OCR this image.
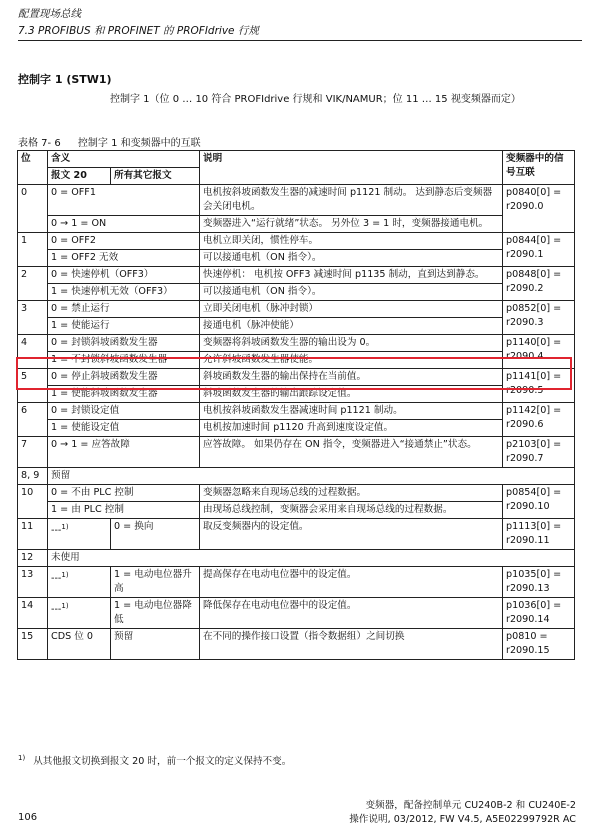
配置现场总线
7.3 PROFIBUS 和 PROFINET 的 PROFIdrive 行规
控制字 1 (STW1)
控制字 1（位 0 … 10 符合 PROFIdrive 行规和 VIK/NAMUR；位 11 … 15 视变频器而定）
表格 7- 6 控制字 1 和变频器中的互联
位	含义		说明	变频器中的信号互联
	报文 20	所有其它报文		
0	0 = OFF1		电机按斜坡函数发生器的减速时间 p1121 制动。 达到静态后变频器会关闭电机。	p0840[0] = r2090.0
	0 → 1 = ON		变频器进入“运行就绪”状态。 另外位 3 = 1 时，变频器接通电机。	
1	0 = OFF2		电机立即关闭，惯性停车。	p0844[0] = r2090.1
	1 = OFF2 无效		可以接通电机（ON 指令）。	
2	0 = 快速停机（OFF3）		快速停机： 电机按 OFF3 减速时间 p1135 制动，直到达到静态。	p0848[0] = r2090.2
	1 = 快速停机无效（OFF3）		可以接通电机（ON 指令）。	
3	0 = 禁止运行		立即关闭电机（脉冲封锁）	p0852[0] = r2090.3
	1 = 使能运行		接通电机（脉冲使能）	
4	0 = 封锁斜坡函数发生器		变频器将斜坡函数发生器的输出设为 0。	p1140[0] = r2090.4
	1 = 不封锁斜坡函数发生器		允许斜坡函数发生器使能。	
5	0 = 停止斜坡函数发生器		斜坡函数发生器的输出保持在当前值。	p1141[0] = r2090.5
	1 = 使能斜坡函数发生器		斜坡函数发生器的输出跟踪设定值。	
6	0 = 封锁设定值		电机按斜坡函数发生器减速时间 p1121 制动。	p1142[0] = r2090.6
	1 = 使能设定值		电机按加速时间 p1120 升高到速度设定值。	
7	0 → 1 = 应答故障		应答故障。 如果仍存在 ON 指令，变频器进入“接通禁止”状态。	p2103[0] = r2090.7
8, 9	预留			
10	0 = 不由 PLC 控制		变频器忽略来自现场总线的过程数据。	p0854[0] = r2090.10
	1 = 由 PLC 控制		由现场总线控制，变频器会采用来自现场总线的过程数据。	
11	---$^{1)}$	0 = 换向	取反变频器内的设定值。	p1113[0] = r2090.11
12	未使用			
13	---$^{1)}$	1 = 电动电位器升高	提高保存在电动电位器中的设定值。	p1035[0] = r2090.13
14	---$^{1)}$	1 = 电动电位器降低	降低保存在电动电位器中的设定值。	p1036[0] = r2090.14
15	CDS 位 0	预留	在不同的操作接口设置（指令数据组）之间切换	p0810 = r2090.15
$^{1)}$ 从其他报文切换到报文 20 时，前一个报文的定义保持不变。
106
变频器，配备控制单元 CU240B-2 和 CU240E-2
操作说明, 03/2012, FW V4.5, A5E02299792R AC
